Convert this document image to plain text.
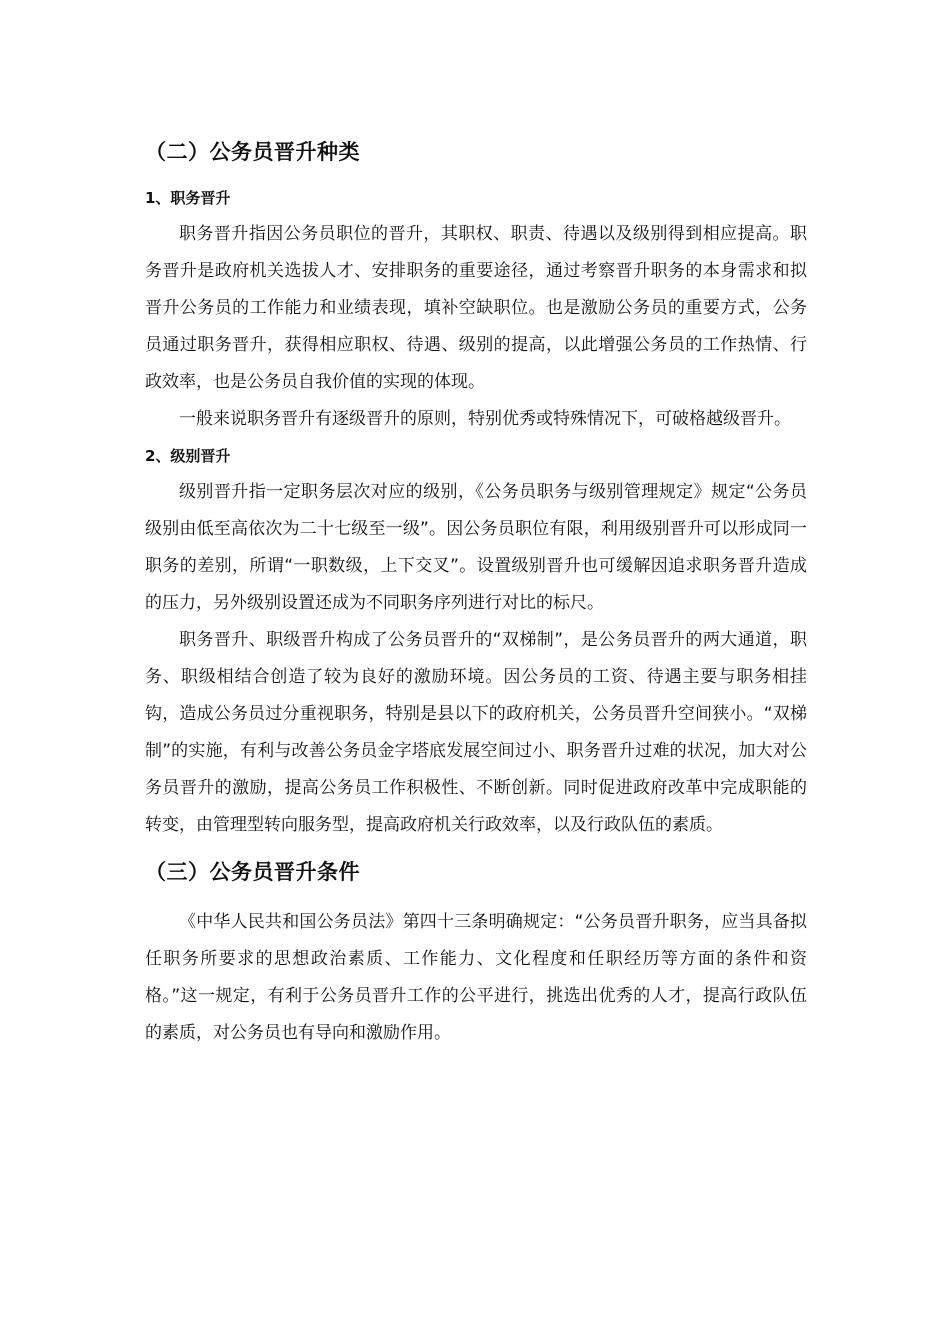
（二）公务员晋升种类
1、职务晋升

职务晋升指因公务员职位的晋升，其职权、职责、待遇以及级别得到相应提高。职务晋升是政府机关选拔人才、安排职务的重要途径，通过考察晋升职务的本身需求和拟晋升公务员的工作能力和业绩表现，填补空缺职位。也是激励公务员的重要方式，公务员通过职务晋升，获得相应职权、待遇、级别的提高，以此增强公务员的工作热情、行政效率，也是公务员自我价值的实现的体现。

一般来说职务晋升有逐级晋升的原则，特别优秀或特殊情况下，可破格越级晋升。

2、级别晋升

级别晋升指一定职务层次对应的级别，《公务员职务与级别管理规定》规定“公务员级别由低至高依次为二十七级至一级”。因公务员职位有限，利用级别晋升可以形成同一职务的差别，所谓“一职数级，上下交叉”。设置级别晋升也可缓解因追求职务晋升造成的压力，另外级别设置还成为不同职务序列进行对比的标尺。

职务晋升、职级晋升构成了公务员晋升的“双梯制”，是公务员晋升的两大通道，职务、职级相结合创造了较为良好的激励环境。因公务员的工资、待遇主要与职务相挂钩，造成公务员过分重视职务，特别是县以下的政府机关，公务员晋升空间狭小。“双梯制”的实施，有利与改善公务员金字塔底发展空间过小、职务晋升过难的状况，加大对公务员晋升的激励，提高公务员工作积极性、不断创新。同时促进政府改革中完成职能的转变，由管理型转向服务型，提高政府机关行政效率，以及行政队伍的素质。

（三）公务员晋升条件

《中华人民共和国公务员法》第四十三条明确规定：“公务员晋升职务，应当具备拟任职务所要求的思想政治素质、工作能力、文化程度和任职经历等方面的条件和资格。”这一规定，有利于公务员晋升工作的公平进行，挑选出优秀的人才，提高行政队伍的素质，对公务员也有导向和激励作用。
